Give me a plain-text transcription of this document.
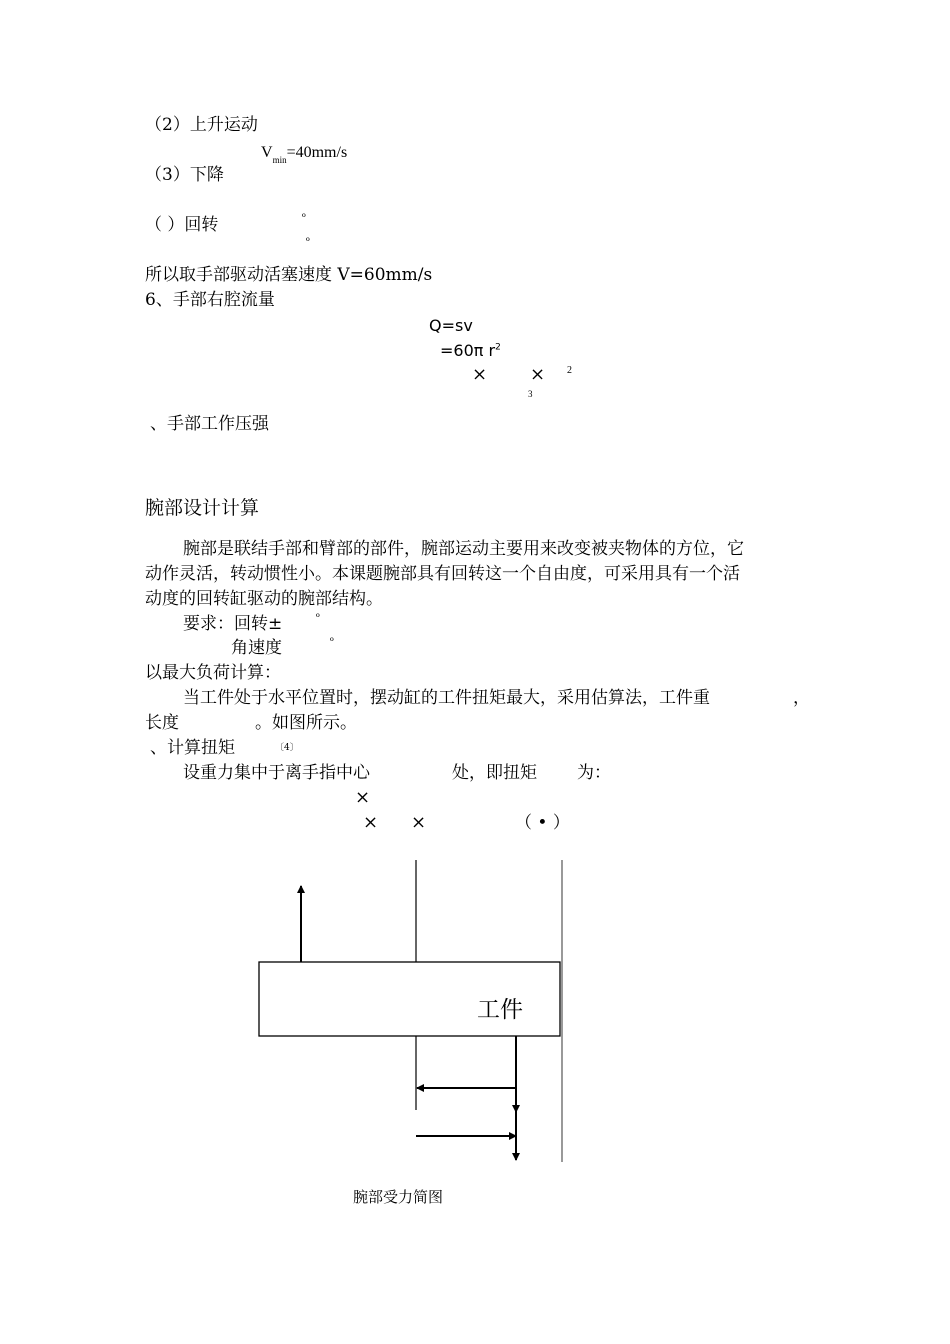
（2）上升运动
$V_{min}=40mm/s$
（3）下降
（ ）回转	º
º
所以取手部驱动活塞速度 V=60mm/s
6、手部右腔流量
Q=sv
=60π $r^2$
× × 2
3
、手部工作压强
腕部设计计算
腕部是联结手部和臂部的部件，腕部运动主要用来改变被夹物体的方位，它
动作灵活，转动惯性小。本课题腕部具有回转这一个自由度，可采用具有一个活
动度的回转缸驱动的腕部结构。
要求：回转±	º
角速度	º
以最大负荷计算：
当工件处于水平位置时，摆动缸的工件扭矩最大，采用估算法，工件重	，
长度	。如图所示。
、计算扭矩	〔4〕
设重力集中于离手指中心	处，即扭矩 为：
×
× ×	（ • ）
工件
腕部受力简图
